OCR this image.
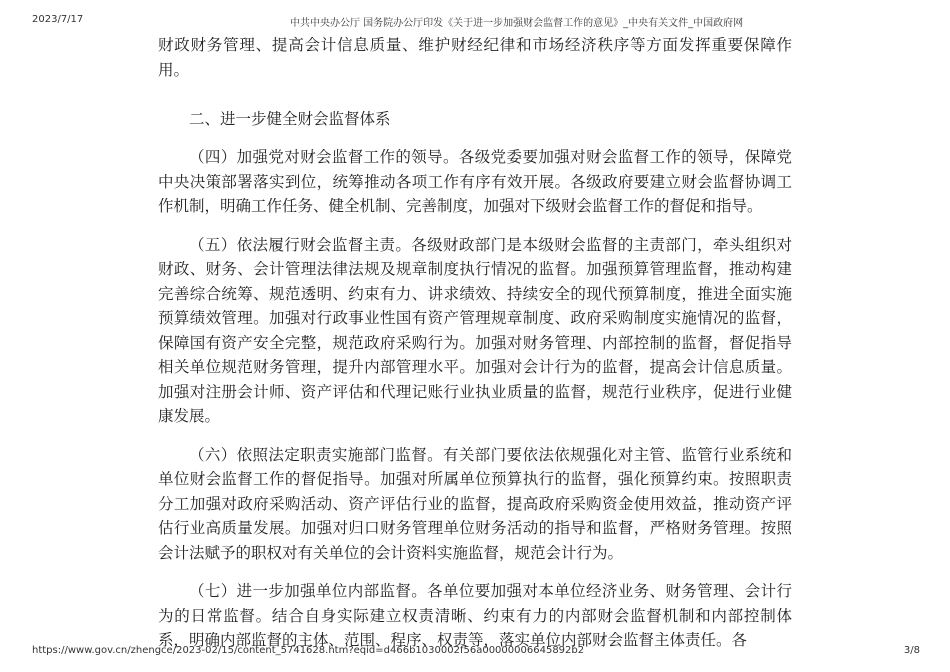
2023/7/17	中共中央办公厅 国务院办公厅印发《关于进一步加强财会监督工作的意见》_中央有关文件_中国政府网

财政财务管理、提高会计信息质量、维护财经纪律和市场经济秩序等方面发挥重要保障作用。

二、进一步健全财会监督体系

（四）加强党对财会监督工作的领导。各级党委要加强对财会监督工作的领导，保障党中央决策部署落实到位，统筹推动各项工作有序有效开展。各级政府要建立财会监督协调工作机制，明确工作任务、健全机制、完善制度，加强对下级财会监督工作的督促和指导。

（五）依法履行财会监督主责。各级财政部门是本级财会监督的主责部门，牵头组织对财政、财务、会计管理法律法规及规章制度执行情况的监督。加强预算管理监督，推动构建完善综合统筹、规范透明、约束有力、讲求绩效、持续安全的现代预算制度，推进全面实施预算绩效管理。加强对行政事业性国有资产管理规章制度、政府采购制度实施情况的监督，保障国有资产安全完整，规范政府采购行为。加强对财务管理、内部控制的监督，督促指导相关单位规范财务管理，提升内部管理水平。加强对会计行为的监督，提高会计信息质量。加强对注册会计师、资产评估和代理记账行业执业质量的监督，规范行业秩序，促进行业健康发展。

（六）依照法定职责实施部门监督。有关部门要依法依规强化对主管、监管行业系统和单位财会监督工作的督促指导。加强对所属单位预算执行的监督，强化预算约束。按照职责分工加强对政府采购活动、资产评估行业的监督，提高政府采购资金使用效益，推动资产评估行业高质量发展。加强对归口财务管理单位财务活动的指导和监督，严格财务管理。按照会计法赋予的职权对有关单位的会计资料实施监督，规范会计行为。

（七）进一步加强单位内部监督。各单位要加强对本单位经济业务、财务管理、会计行为的日常监督。结合自身实际建立权责清晰、约束有力的内部财会监督机制和内部控制体系，明确内部监督的主体、范围、程序、权责等，落实单位内部财会监督主体责任。各

https://www.gov.cn/zhengce/2023-02/15/content_5741628.htm?eqid=d466b1030002f56a00000006645892b2	3/8
